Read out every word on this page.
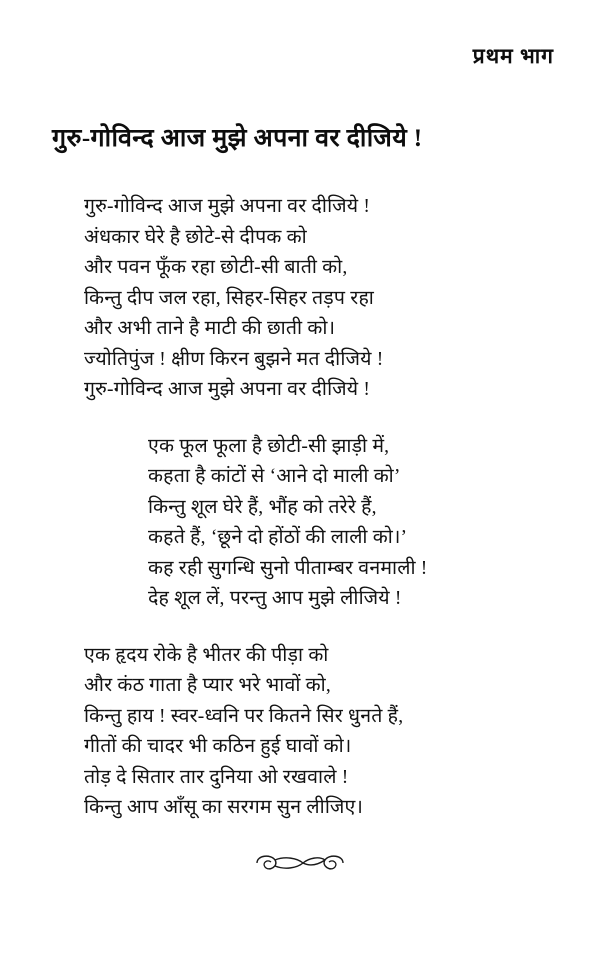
प्रथम भाग
गुरु-गोविन्द आज मुझे अपना वर दीजिये !
गुरु-गोविन्द आज मुझे अपना वर दीजिये !
अंधकार घेरे है छोटे-से दीपक को
और पवन फूँक रहा छोटी-सी बाती को,
किन्तु दीप जल रहा, सिहर-सिहर तड़प रहा
और अभी ताने है माटी की छाती को।
ज्योतिपुंज ! क्षीण किरन बुझने मत दीजिये !
गुरु-गोविन्द आज मुझे अपना वर दीजिये !
एक फूल फूला है छोटी-सी झाड़ी में,
कहता है कांटों से ‘आने दो माली को’
किन्तु शूल घेरे हैं, भौंह को तरेरे हैं,
कहते हैं, ‘छूने दो होंठों की लाली को।’
कह रही सुगन्धि सुनो पीताम्बर वनमाली !
देह शूल लें, परन्तु आप मुझे लीजिये !
एक हृदय रोके है भीतर की पीड़ा को
और कंठ गाता है प्यार भरे भावों को,
किन्तु हाय ! स्वर-ध्वनि पर कितने सिर धुनते हैं,
गीतों की चादर भी कठिन हुई घावों को।
तोड़ दे सितार तार दुनिया ओ रखवाले !
किन्तु आप आँसू का सरगम सुन लीजिए।
